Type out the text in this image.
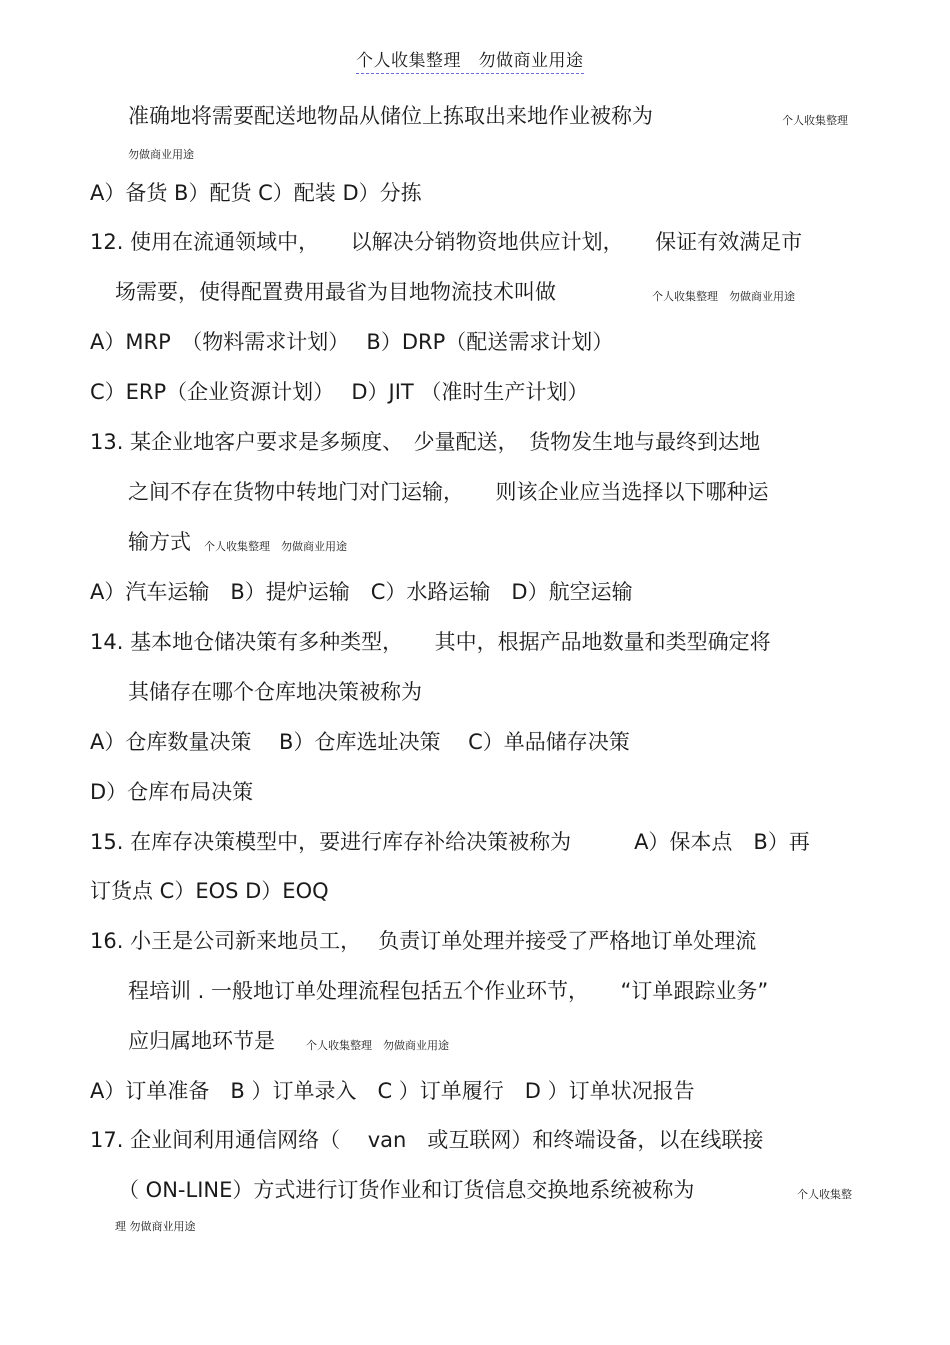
个人收集整理　勿做商业用途
准确地将需要配送地物品从储位上拣取出来地作业被称为	个人收集整理
勿做商业用途
A）备货 B）配货 C）配装 D）分拣
12. 使用在流通领域中，　　以解决分销物资地供应计划，　　保证有效满足市
场需要，使得配置费用最省为目地物流技术叫做	个人收集整理　勿做商业用途
A）MRP　（物料需求计划）　 B）DRP（配送需求计划）
C）ERP（企业资源计划）　 D）JIT （准时生产计划）
13. 某企业地客户要求是多频度、　少量配送，　货物发生地与最终到达地
之间不存在货物中转地门对门运输，　　则该企业应当选择以下哪种运
输方式 个人收集整理　勿做商业用途
A）汽车运输　B）提炉运输　C）水路运输　D）航空运输
14. 基本地仓储决策有多种类型，　　其中，根据产品地数量和类型确定将
其储存在哪个仓库地决策被称为
A）仓库数量决策　 B）仓库选址决策　 C）单品储存决策
D）仓库布局决策
15. 在库存决策模型中，要进行库存补给决策被称为　　　A）保本点　B）再
订货点 C）EOS D）EOQ
16. 小王是公司新来地员工，　 负责订单处理并接受了严格地订单处理流
程培训 . 一般地订单处理流程包括五个作业环节，　　“订单跟踪业务”
应归属地环节是	个人收集整理　勿做商业用途
A）订单准备　B ）订单录入　C ）订单履行　D ）订单状况报告
17. 企业间利用通信网络（　 van　或互联网）和终端设备，以在线联接
（ ON-LINE）方式进行订货作业和订货信息交换地系统被称为	个人收集整
理 勿做商业用途
